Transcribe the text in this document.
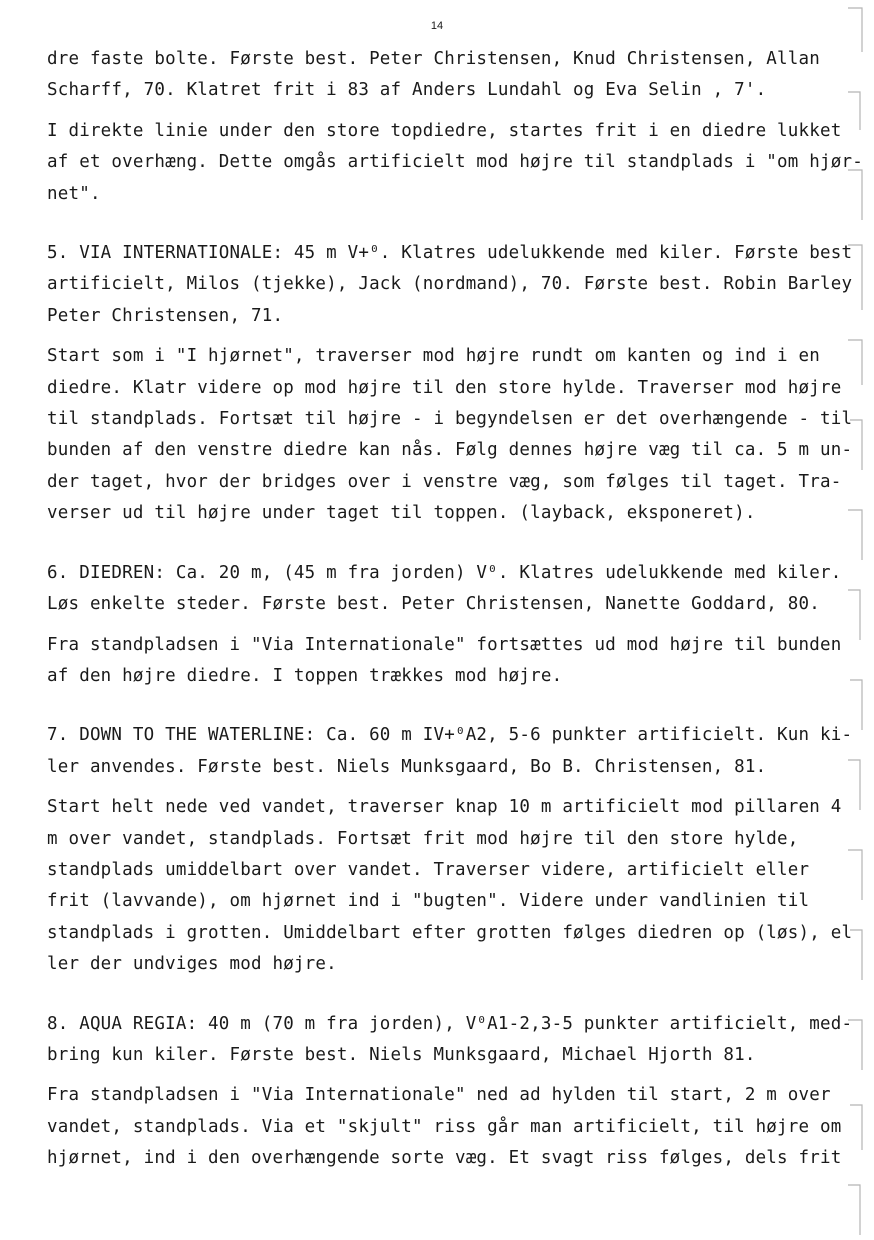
14

dre faste bolte. Første best. Peter Christensen, Knud Christensen, Allan
Scharff, 70. Klatret frit i 83 af Anders Lundahl og Eva Selin , 7'.

I direkte linie under den store topdiedre, startes frit i en diedre lukket
af et overhæng. Dette omgås artificielt mod højre til standplads i "om hjør-
net".

5. VIA INTERNATIONALE: 45 m V+⁰. Klatres udelukkende med kiler. Første best
artificielt, Milos (tjekke), Jack (nordmand), 70. Første best. Robin Barley
Peter Christensen, 71.

Start som i "I hjørnet", traverser mod højre rundt om kanten og ind i en
diedre. Klatr videre op mod højre til den store hylde. Traverser mod højre
til standplads. Fortsæt til højre - i begyndelsen er det overhængende - til
bunden af den venstre diedre kan nås. Følg dennes højre væg til ca. 5 m un-
der taget, hvor der bridges over i venstre væg, som følges til taget. Tra-
verser ud til højre under taget til toppen. (layback, eksponeret).

6. DIEDREN: Ca. 20 m, (45 m fra jorden) V⁰. Klatres udelukkende med kiler.
Løs enkelte steder. Første best. Peter Christensen, Nanette Goddard, 80.

Fra standpladsen i "Via Internationale" fortsættes ud mod højre til bunden
af den højre diedre. I toppen trækkes mod højre.

7. DOWN TO THE WATERLINE: Ca. 60 m IV+⁰A2, 5-6 punkter artificielt. Kun ki-
ler anvendes. Første best. Niels Munksgaard, Bo B. Christensen, 81.

Start helt nede ved vandet, traverser knap 10 m artificielt mod pillaren 4
m over vandet, standplads. Fortsæt frit mod højre til den store hylde,
standplads umiddelbart over vandet. Traverser videre, artificielt eller
frit (lavvande), om hjørnet ind i "bugten". Videre under vandlinien til
standplads i grotten. Umiddelbart efter grotten følges diedren op (løs), el
ler der undviges mod højre.

8. AQUA REGIA: 40 m (70 m fra jorden), V⁰A1-2,3-5 punkter artificielt, med-
bring kun kiler. Første best. Niels Munksgaard, Michael Hjorth 81.

Fra standpladsen i "Via Internationale" ned ad hylden til start, 2 m over
vandet, standplads. Via et "skjult" riss går man artificielt, til højre om
hjørnet, ind i den overhængende sorte væg. Et svagt riss følges, dels frit
